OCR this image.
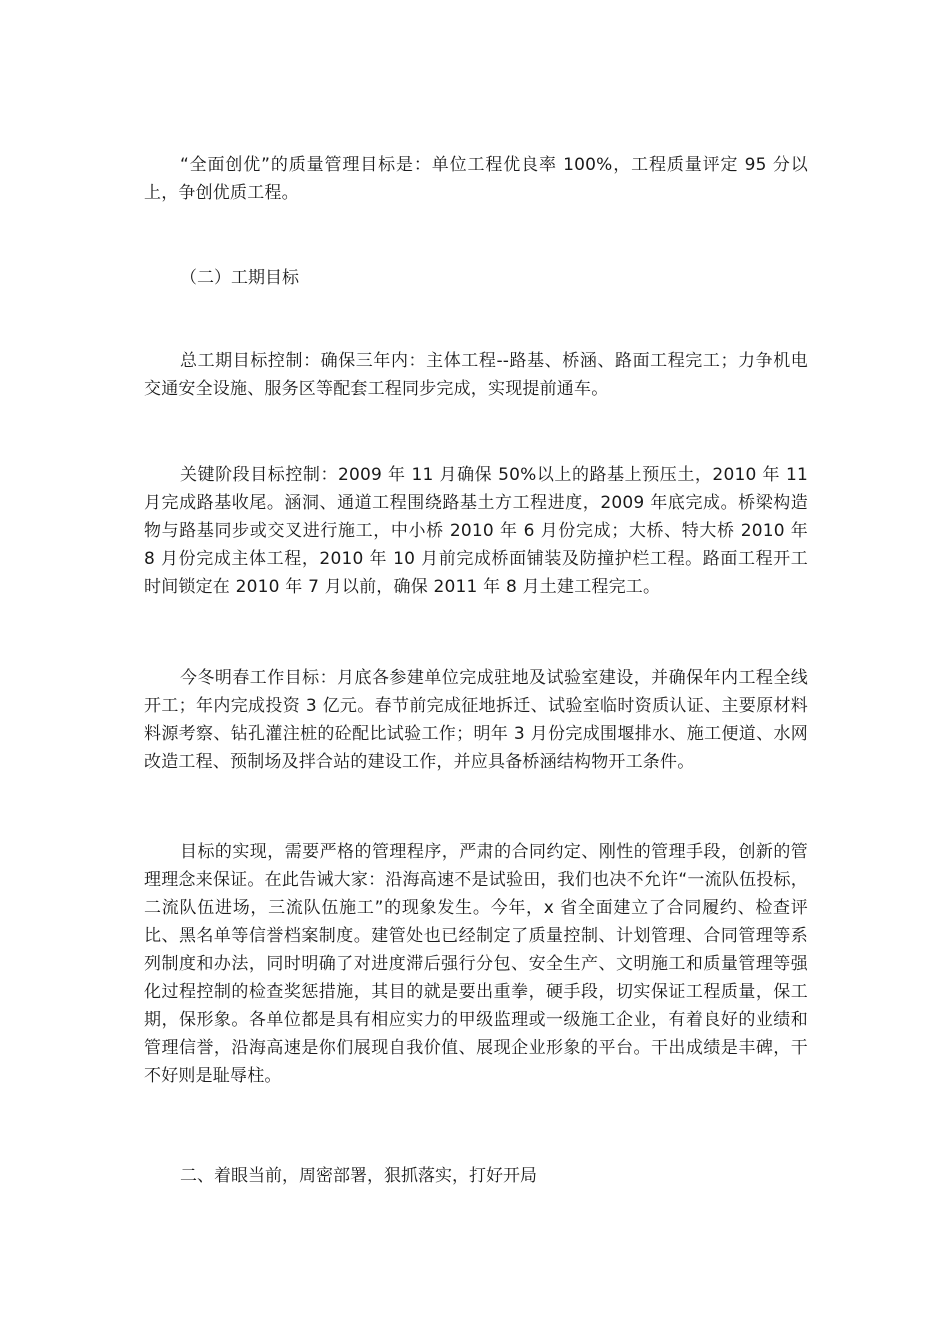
“全面创优”的质量管理目标是：单位工程优良率 100%，工程质量评定 95 分以上，争创优质工程。

（二）工期目标

总工期目标控制：确保三年内：主体工程--路基、桥涵、路面工程完工；力争机电交通安全设施、服务区等配套工程同步完成，实现提前通车。

关键阶段目标控制：2009 年 11 月确保 50%以上的路基上预压土，2010 年 11 月完成路基收尾。涵洞、通道工程围绕路基土方工程进度，2009 年底完成。桥梁构造物与路基同步或交叉进行施工，中小桥 2010 年 6 月份完成；大桥、特大桥 2010 年 8 月份完成主体工程，2010 年 10 月前完成桥面铺装及防撞护栏工程。路面工程开工时间锁定在 2010 年 7 月以前，确保 2011 年 8 月土建工程完工。

今冬明春工作目标：月底各参建单位完成驻地及试验室建设，并确保年内工程全线开工；年内完成投资 3 亿元。春节前完成征地拆迁、试验室临时资质认证、主要原材料料源考察、钻孔灌注桩的砼配比试验工作；明年 3 月份完成围堰排水、施工便道、水网改造工程、预制场及拌合站的建设工作，并应具备桥涵结构物开工条件。

目标的实现，需要严格的管理程序，严肃的合同约定、刚性的管理手段，创新的管理理念来保证。在此告诫大家：沿海高速不是试验田，我们也决不允许“一流队伍投标，二流队伍进场，三流队伍施工”的现象发生。今年，x 省全面建立了合同履约、检查评比、黑名单等信誉档案制度。建管处也已经制定了质量控制、计划管理、合同管理等系列制度和办法，同时明确了对进度滞后强行分包、安全生产、文明施工和质量管理等强化过程控制的检查奖惩措施，其目的就是要出重拳，硬手段，切实保证工程质量，保工期，保形象。各单位都是具有相应实力的甲级监理或一级施工企业，有着良好的业绩和管理信誉，沿海高速是你们展现自我价值、展现企业形象的平台。干出成绩是丰碑，干不好则是耻辱柱。

二、着眼当前，周密部署，狠抓落实，打好开局
